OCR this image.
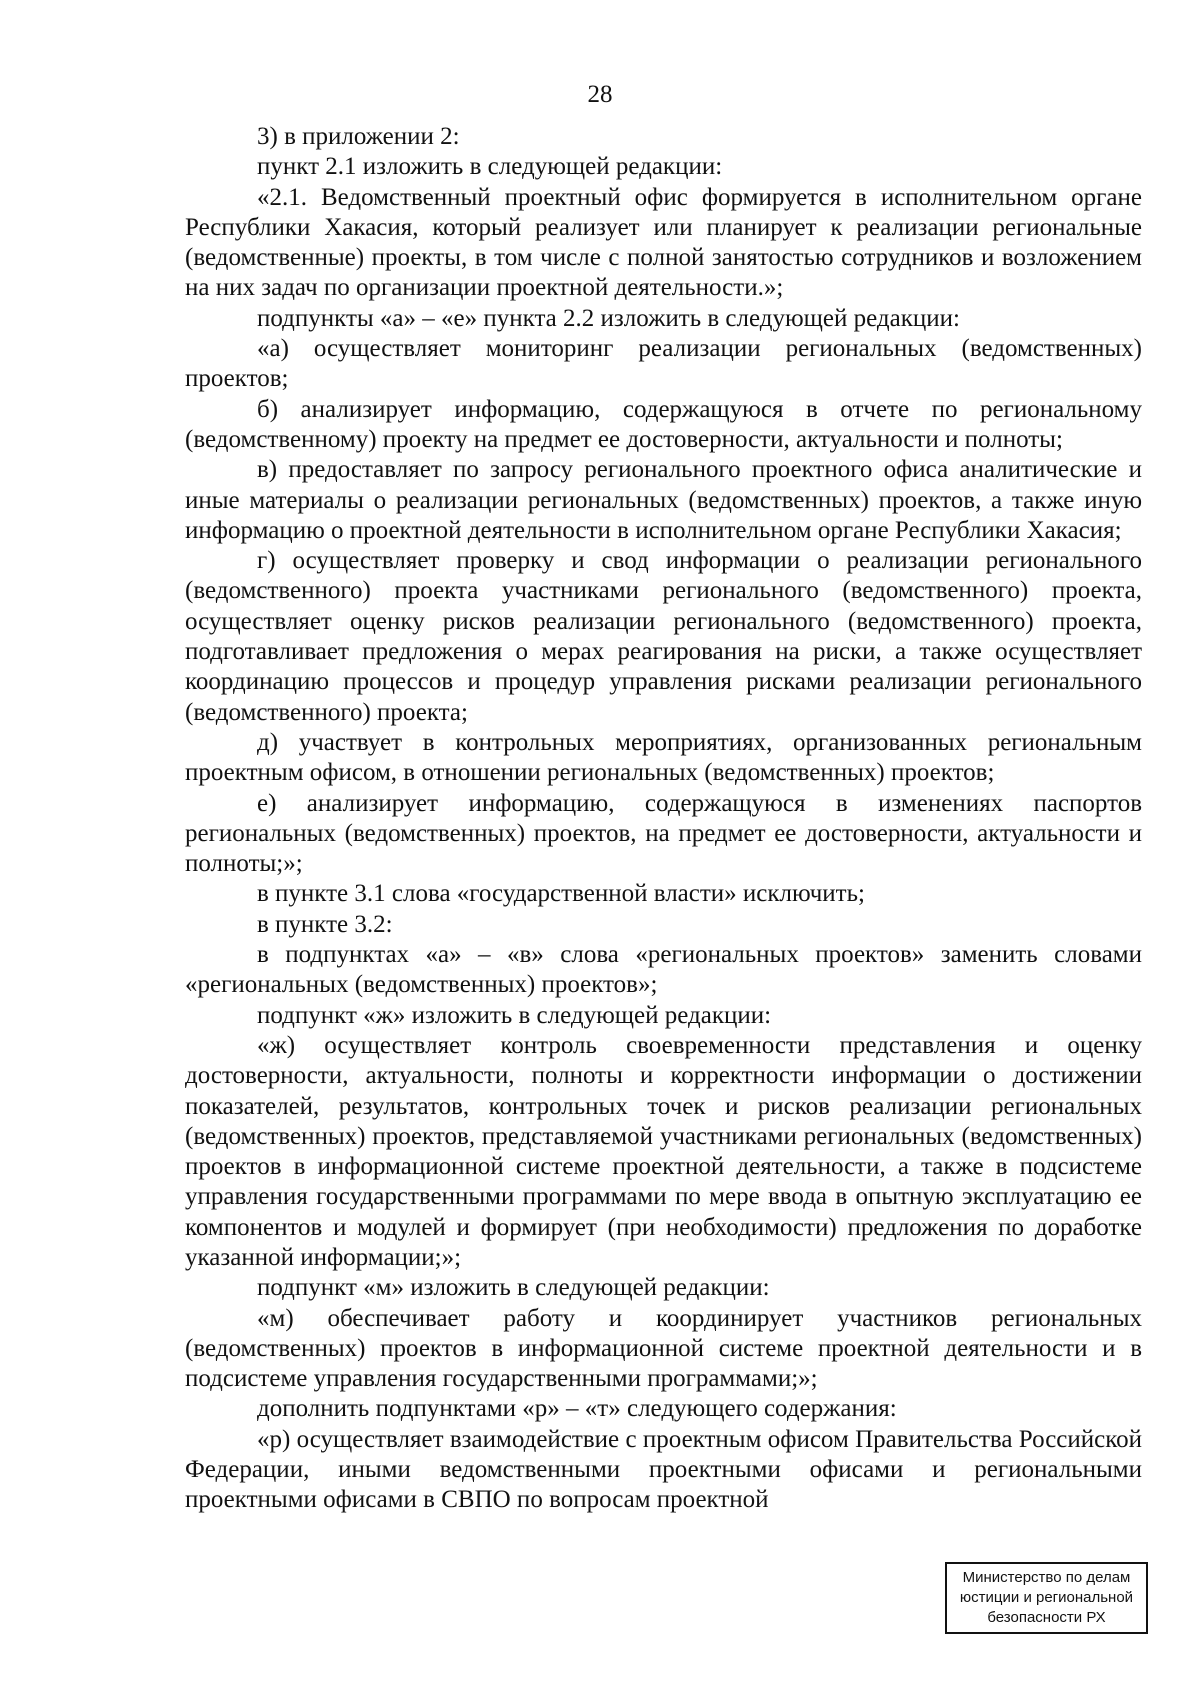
28

3) в приложении 2:

пункт 2.1 изложить в следующей редакции:

«2.1. Ведомственный проектный офис формируется в исполнительном органе Республики Хакасия, который реализует или планирует к реализации региональные (ведомственные) проекты, в том числе с полной занятостью сотрудников и возложением на них задач по организации проектной деятельности.»;

подпункты «а» – «е» пункта 2.2 изложить в следующей редакции:

«а) осуществляет мониторинг реализации региональных (ведомственных) проектов;

б) анализирует информацию, содержащуюся в отчете по региональному (ведомственному) проекту на предмет ее достоверности, актуальности и полноты;

в) предоставляет по запросу регионального проектного офиса аналитические и иные материалы о реализации региональных (ведомственных) проектов, а также иную информацию о проектной деятельности в исполнительном органе Республики Хакасия;

г) осуществляет проверку и свод информации о реализации регионального (ведомственного) проекта участниками регионального (ведомственного) проекта, осуществляет оценку рисков реализации регионального (ведомственного) проекта, подготавливает предложения о мерах реагирования на риски, а также осуществляет координацию процессов и процедур управления рисками реализации регионального (ведомственного) проекта;

д) участвует в контрольных мероприятиях, организованных региональным проектным офисом, в отношении региональных (ведомственных) проектов;

е) анализирует информацию, содержащуюся в изменениях паспортов региональных (ведомственных) проектов, на предмет ее достоверности, актуальности и полноты;»;

в пункте 3.1 слова «государственной власти» исключить;

в пункте 3.2:

в подпунктах «а» – «в» слова «региональных проектов» заменить словами «региональных (ведомственных) проектов»;

подпункт «ж» изложить в следующей редакции:

«ж) осуществляет контроль своевременности представления и оценку достоверности, актуальности, полноты и корректности информации о достижении показателей, результатов, контрольных точек и рисков реализации региональных (ведомственных) проектов, представляемой участниками региональных (ведомственных) проектов в информационной системе проектной деятельности, а также в подсистеме управления государственными программами по мере ввода в опытную эксплуатацию ее компонентов и модулей и формирует (при необходимости) предложения по доработке указанной информации;»;

подпункт «м» изложить в следующей редакции:

«м) обеспечивает работу и координирует участников региональных (ведомственных) проектов в информационной системе проектной деятельности и в подсистеме управления государственными программами;»;

дополнить подпунктами «р» – «т» следующего содержания:

«р) осуществляет взаимодействие с проектным офисом Правительства Российской Федерации, иными ведомственными проектными офисами и региональными проектными офисами в СВПО по вопросам проектной

Министерство по делам
юстиции и региональной
безопасности РХ
